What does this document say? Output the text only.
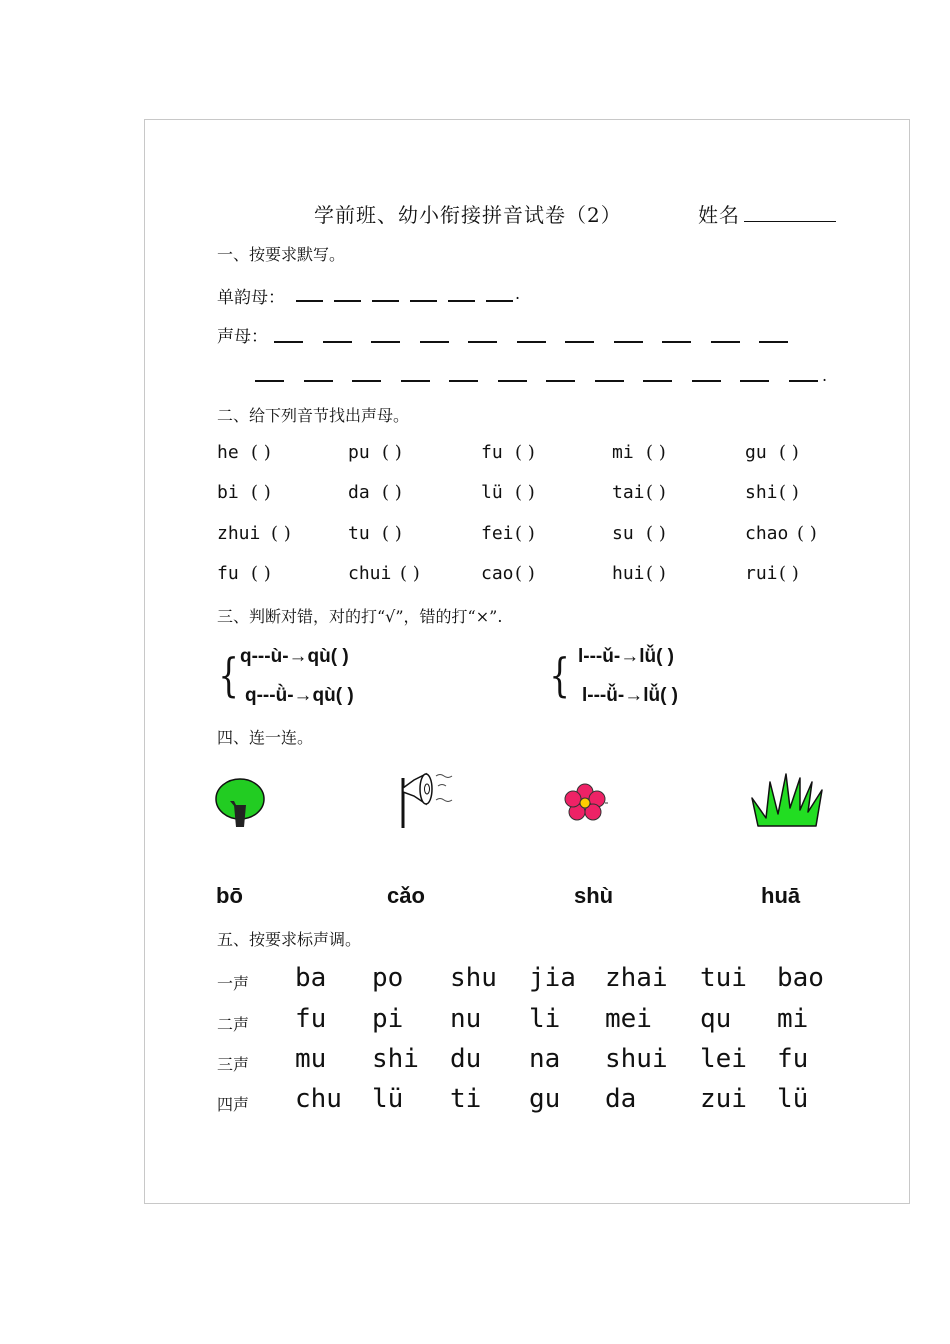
学前班、幼小衔接拼音试卷（2）	姓名
一、按要求默写。
单韵母：	.
声母：
.
二、给下列音节找出声母。
he ( )	pu ( )	fu ( )	mi ( )	gu ( )
bi ( )	da ( )	lü ( )	tai ( )	shi ( )
zhui ( )	tu ( )	fei ( )	su ( )	chao ( )
fu ( )	chui ( )	cao ( )	hui ( )	rui ( )
三、判断对错，对的打“√”，错的打“×”.
{ q---ù-→qù( )
q---ǜ-→qù( )	{ l---ǔ-→lǚ( )
l---ǚ-→lǚ( )
四、连一连。
bō	cǎo	shù	huā
五、按要求标声调。
一声 ba po shu jia zhai tui bao
二声 fu pi nu li mei qu mi
三声 mu shi du na shui lei fu
四声 chu lü ti gu da zui lü
